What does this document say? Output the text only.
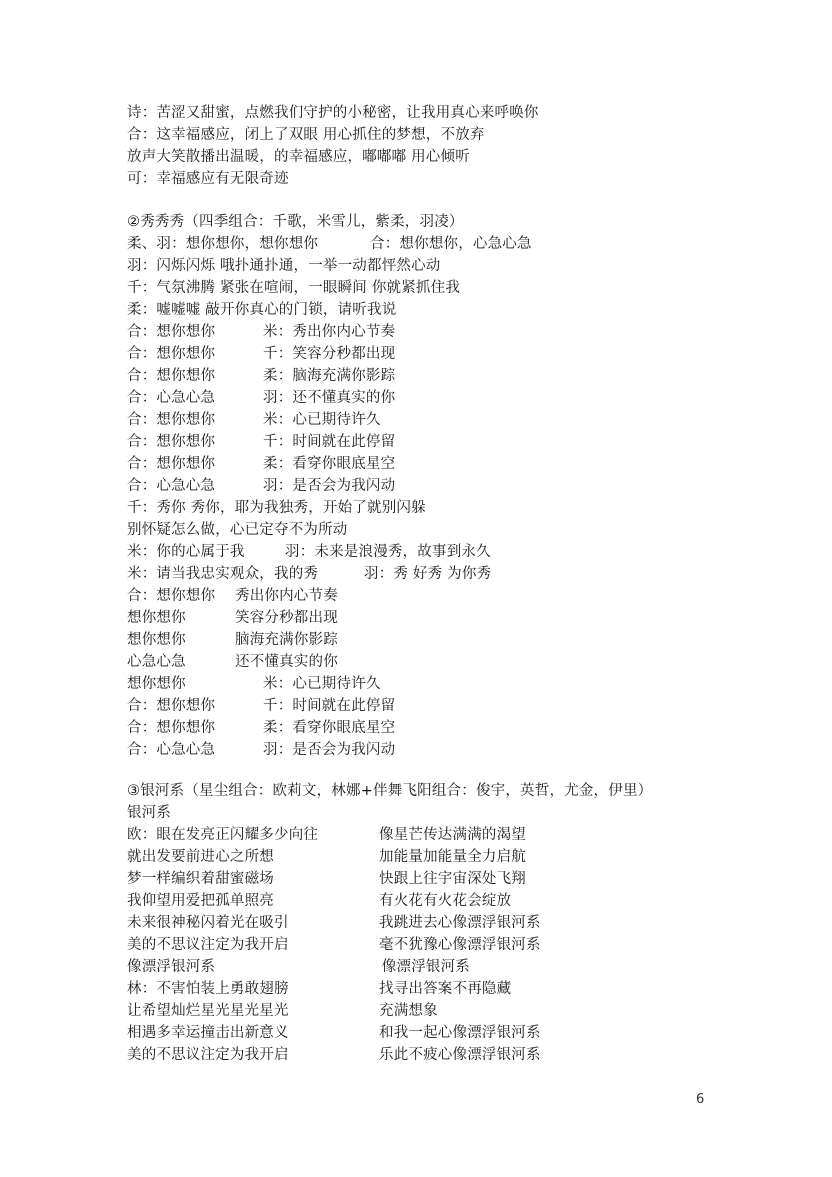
诗：苦涩又甜蜜，点燃我们守护的小秘密，让我用真心来呼唤你
合：这幸福感应，闭上了双眼 用心抓住的梦想，不放弃
放声大笑散播出温暖，的幸福感应，嘟嘟嘟 用心倾听
可：幸福感应有无限奇迹
②秀秀秀（四季组合：千歌，米雪儿，紫柔，羽凌）
柔、羽：想你想你，想你想你	合：想你想你，心急心急
羽：闪烁闪烁 哦扑通扑通，一举一动都怦然心动
千：气氛沸腾 紧张在喧闹，一眼瞬间 你就紧抓住我
柔：嘘嘘嘘 敲开你真心的门锁，请听我说
合：想你想你	米：秀出你内心节奏
合：想你想你	千：笑容分秒都出现
合：想你想你	柔：脑海充满你影踪
合：心急心急	羽：还不懂真实的你
合：想你想你	米：心已期待许久
合：想你想你	千：时间就在此停留
合：想你想你	柔：看穿你眼底星空
合：心急心急	羽：是否会为我闪动
千：秀你 秀你，耶为我独秀，开始了就别闪躲
别怀疑怎么做，心已定夺不为所动
米：你的心属于我	羽：未来是浪漫秀，故事到永久
米：请当我忠实观众，我的秀	羽：秀 好秀 为你秀
合：想你想你 秀出你内心节奏
想你想你	笑容分秒都出现
想你想你	脑海充满你影踪
心急心急	还不懂真实的你
想你想你	米：心已期待许久
合：想你想你	千：时间就在此停留
合：想你想你	柔：看穿你眼底星空
合：心急心急	羽：是否会为我闪动
③银河系（星尘组合：欧莉文，林娜+伴舞飞阳组合：俊宇，英哲，尤金，伊里）
银河系
欧：眼在发亮正闪耀多少向往	像星芒传达满满的渴望
就出发要前进心之所想	加能量加能量全力启航
梦一样编织着甜蜜磁场	快跟上往宇宙深处飞翔
我仰望用爱把孤单照亮	有火花有火花会绽放
未来很神秘闪着光在吸引	我跳进去心像漂浮银河系
美的不思议注定为我开启	毫不犹豫心像漂浮银河系
像漂浮银河系	像漂浮银河系
林：不害怕装上勇敢翅膀	找寻出答案不再隐藏
让希望灿烂星光星光星光	充满想象
相遇多幸运撞击出新意义	和我一起心像漂浮银河系
美的不思议注定为我开启	乐此不疲心像漂浮银河系
6
